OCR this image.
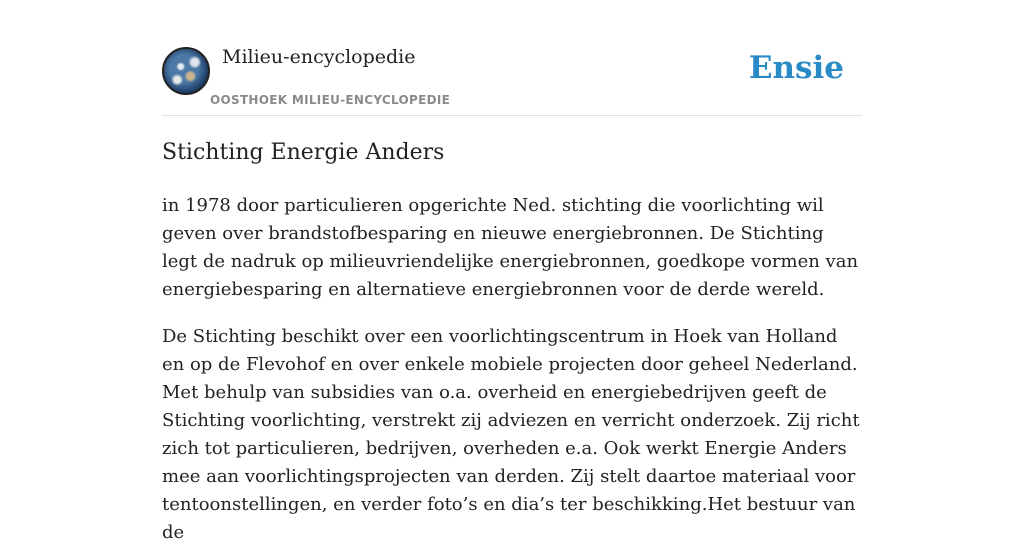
Milieu-encyclopedie
OOSTHOEK MILIEU-ENCYCLOPEDIE
Ensie
Stichting Energie Anders

in 1978 door particulieren opgerichte Ned. stichting die voorlichting wil geven over brandstofbesparing en nieuwe energiebronnen. De Stichting legt de nadruk op milieuvriendelijke energiebronnen, goedkope vormen van energiebesparing en alternatieve energiebronnen voor de derde wereld.

De Stichting beschikt over een voorlichtingscentrum in Hoek van Holland en op de Flevohof en over enkele mobiele projecten door geheel Nederland. Met behulp van subsidies van o.a. overheid en energiebedrijven geeft de Stichting voorlichting, verstrekt zij adviezen en verricht onderzoek. Zij richt zich tot particulieren, bedrijven, overheden e.a. Ook werkt Energie Anders mee aan voorlichtingsprojecten van derden. Zij stelt daartoe materiaal voor tentoonstellingen, en verder foto’s en dia’s ter beschikking.Het bestuur van de
